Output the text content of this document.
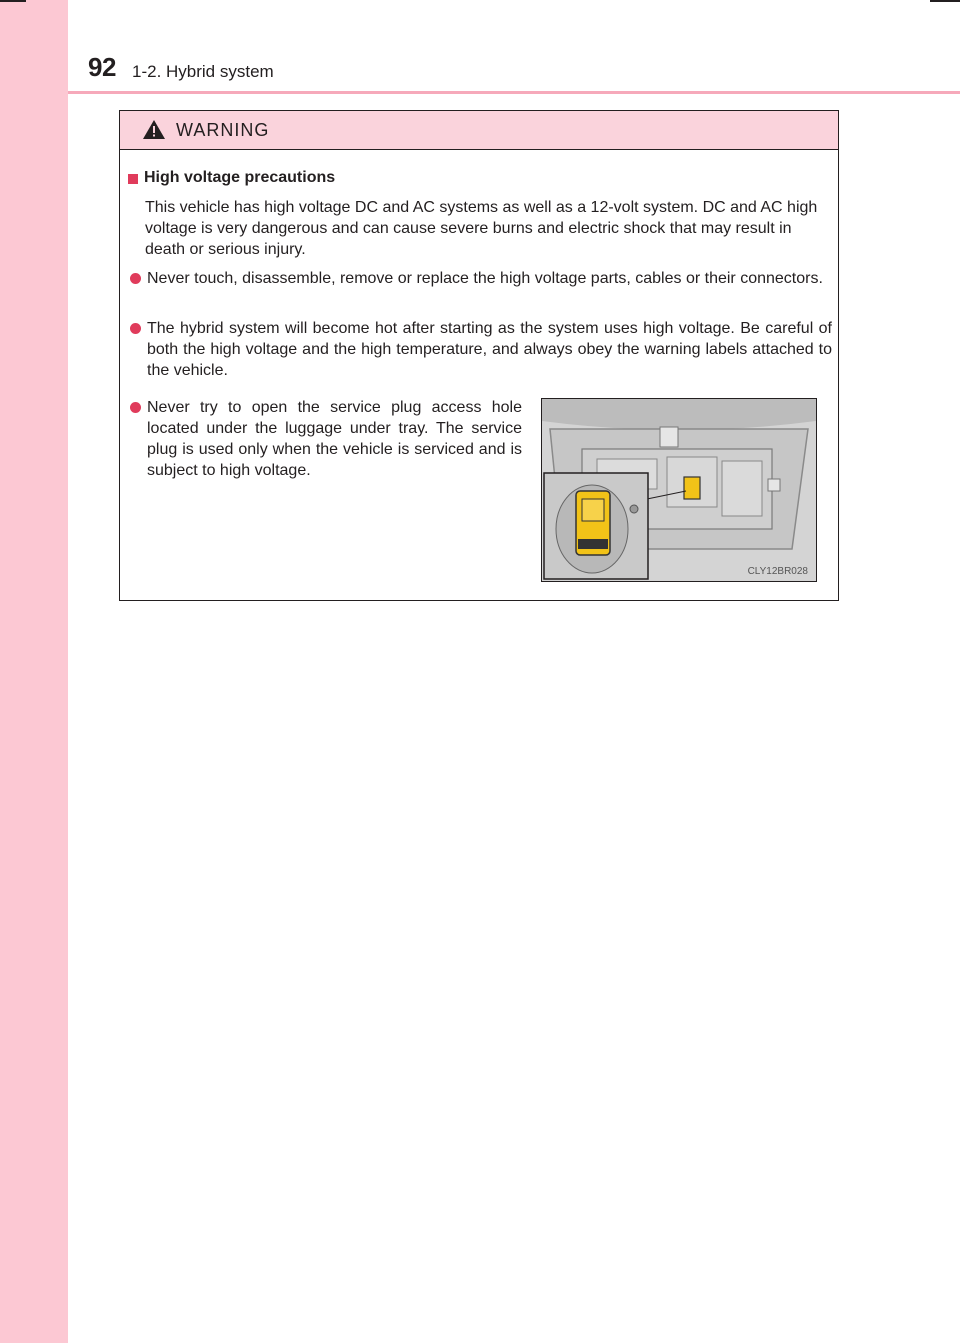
92 1-2. Hybrid system
WARNING
High voltage precautions
This vehicle has high voltage DC and AC systems as well as a 12-volt system. DC and AC high voltage is very dangerous and can cause severe burns and electric shock that may result in death or serious injury.
Never touch, disassemble, remove or replace the high voltage parts, cables or their connectors.
The hybrid system will become hot after starting as the system uses high voltage. Be careful of both the high voltage and the high temperature, and always obey the warning labels attached to the vehicle.
Never try to open the service plug access hole located under the luggage under tray. The service plug is used only when the vehicle is serviced and is subject to high voltage.
CLY12BR028
